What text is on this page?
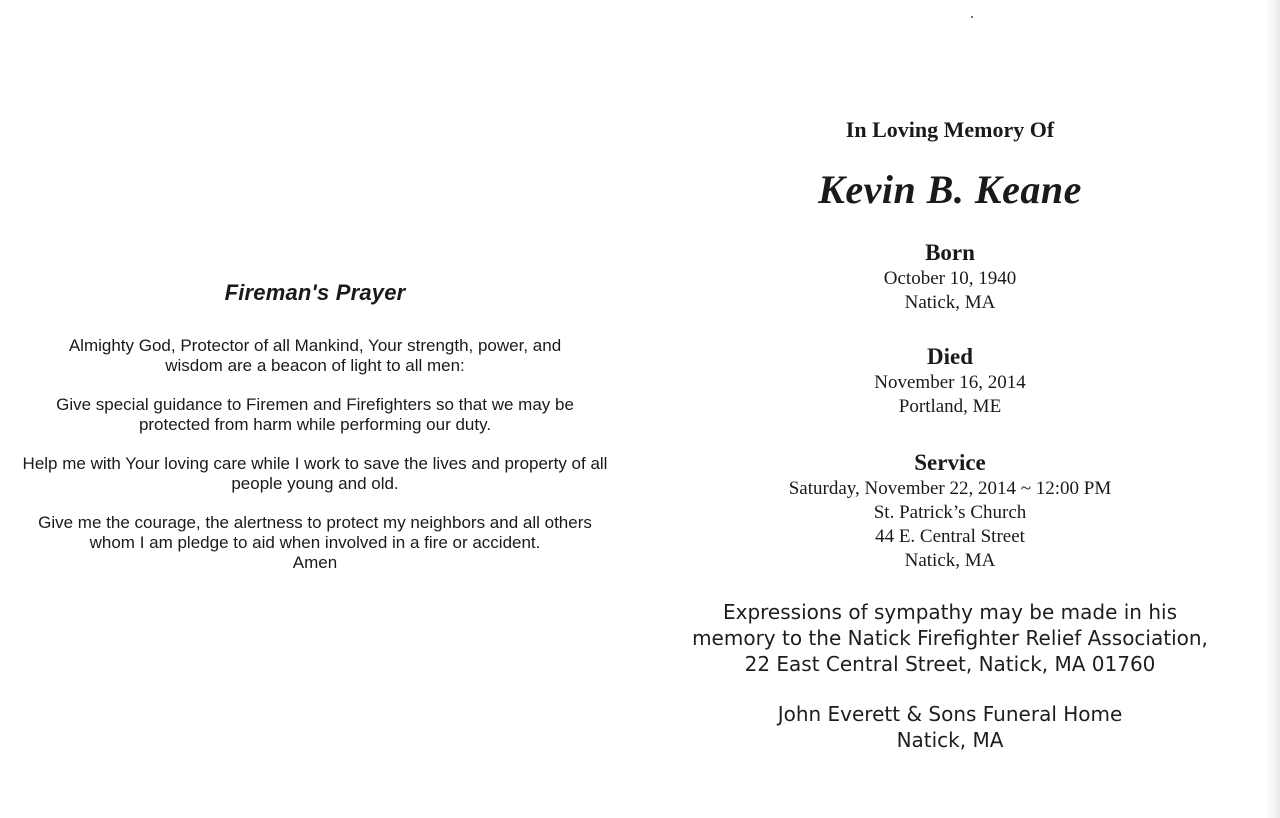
Fireman's Prayer
Almighty God, Protector of all Mankind, Your strength, power, and wisdom are a beacon of light to all men:
Give special guidance to Firemen and Firefighters so that we may be protected from harm while performing our duty.
Help me with Your loving care while I work to save the lives and property of all people young and old.
Give me the courage, the alertness to protect my neighbors and all others whom I am pledge to aid when involved in a fire or accident.
Amen
In Loving Memory Of
Kevin B. Keane
Born
October 10, 1940
Natick, MA
Died
November 16, 2014
Portland, ME
Service
Saturday, November 22, 2014 ~ 12:00 PM
St. Patrick’s Church
44 E. Central Street
Natick, MA
Expressions of sympathy may be made in his
memory to the Natick Firefighter Relief Association,
22 East Central Street, Natick, MA 01760
John Everett & Sons Funeral Home
Natick, MA
